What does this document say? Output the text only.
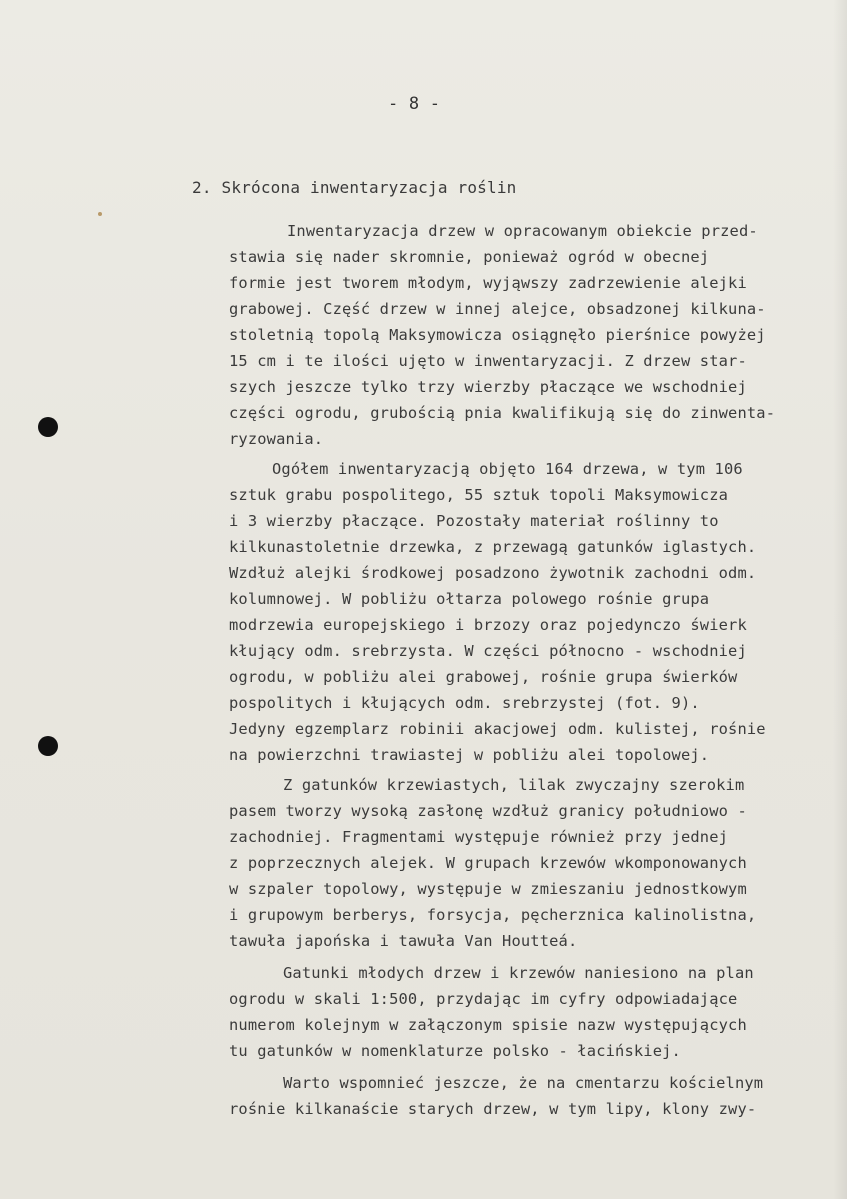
- 8 -
2. Skrócona inwentaryzacja roślin
Inwentaryzacja drzew w opracowanym obiekcie przed-
stawia się nader skromnie, ponieważ ogród w obecnej
formie jest tworem młodym, wyjąwszy zadrzewienie alejki
grabowej. Część drzew w innej alejce, obsadzonej kilkuna-
stoletnią topolą Maksymowicza osiągnęło pierśnice powyżej
15 cm i te ilości ujęto w inwentaryzacji. Z drzew star-
szych jeszcze tylko trzy wierzby płaczące we wschodniej
części ogrodu, grubością pnia kwalifikują się do zinwenta-
ryzowania.
Ogółem inwentaryzacją objęto 164 drzewa, w tym 106
sztuk grabu pospolitego, 55 sztuk topoli Maksymowicza
i 3 wierzby płaczące. Pozostały materiał roślinny to
kilkunastoletnie drzewka, z przewagą gatunków iglastych.
Wzdłuż alejki środkowej posadzono żywotnik zachodni odm.
kolumnowej. W pobliżu ołtarza polowego rośnie grupa
modrzewia europejskiego i brzozy oraz pojedynczo świerk
kłujący odm. srebrzysta. W części północno - wschodniej
ogrodu, w pobliżu alei grabowej, rośnie grupa świerków
pospolitych i kłujących odm. srebrzystej (fot. 9).
Jedyny egzemplarz robinii akacjowej odm. kulistej, rośnie
na powierzchni trawiastej w pobliżu alei topolowej.
Z gatunków krzewiastych, lilak zwyczajny szerokim
pasem tworzy wysoką zasłonę wzdłuż granicy południowo -
zachodniej. Fragmentami występuje również przy jednej
z poprzecznych alejek. W grupach krzewów wkomponowanych
w szpaler topolowy, występuje w zmieszaniu jednostkowym
i grupowym berberys, forsycja, pęcherznica kalinolistna,
tawuła japońska i tawuła Van Houtteá.
Gatunki młodych drzew i krzewów naniesiono na plan
ogrodu w skali 1:500, przydając im cyfry odpowiadające
numerom kolejnym w załączonym spisie nazw występujących
tu gatunków w nomenklaturze polsko - łacińskiej.
Warto wspomnieć jeszcze, że na cmentarzu kościelnym
rośnie kilkanaście starych drzew, w tym lipy, klony zwy-
